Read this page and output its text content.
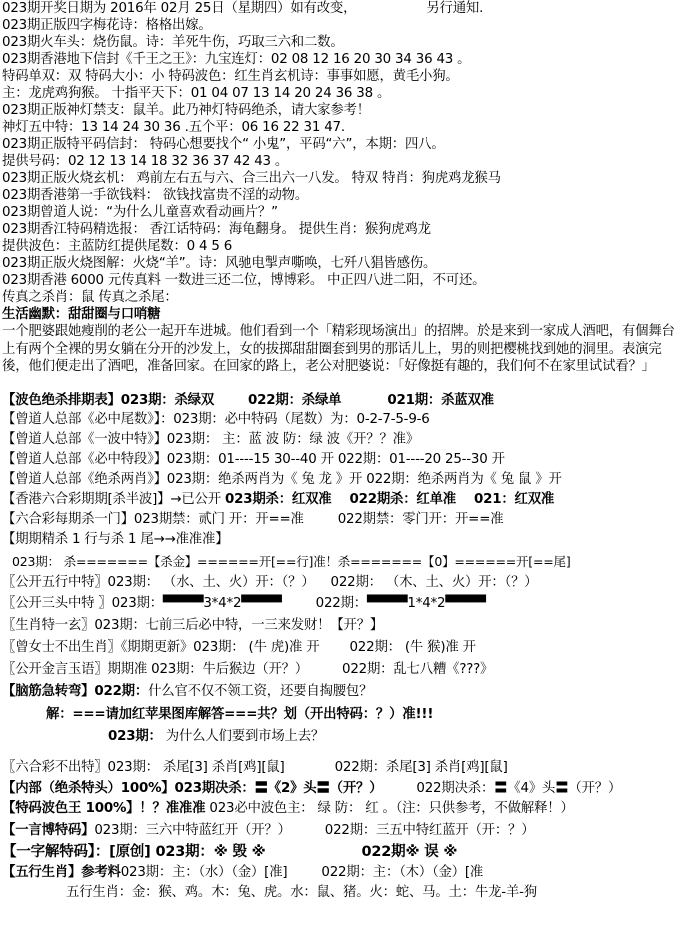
023期开奖日期为 2016年 02月 25日（星期四）如有改变，	另行通知.
023期正版四字梅花诗：格格出嫁。
023期火车头：烧伤鼠。诗：羊死牛伤，巧取三六和二数。
023期香港地下信封《千王之王》：九宝连灯：02 08 12 16 20 30 34 36 43 。
特码单双：双 特码大小：小 特码波色：红生肖玄机诗：事事如愿，黄毛小狗。
主：龙虎鸡狗猴。 十指平天下：01 04 07 13 14 20 24 36 38 。
023期正版神灯禁支：鼠羊。此乃神灯特码绝杀，请大家参考！
神灯五中特：13 14 24 30 36 .五个平：06 16 22 31 47.
023期正版特平码信封： 特码心想要找个“ 小鬼”，平码“六”，本期：四八。
提供号码：02 12 13 14 18 32 36 37 42 43 。
023期正版火烧玄机： 鸡前左右五与六、合三出六一八发。 特双 特肖：狗虎鸡龙猴马
023期香港第一手欲钱料： 欲钱找富贵不淫的动物。
023期曾道人说：“为什么儿童喜欢看动画片？”
023期香江特码精选报： 香江话特码：海龟翻身。 提供生肖：猴狗虎鸡龙
提供波色：主蓝防红提供尾数：0 4 5 6
023期正版火烧图解：火烧“羊”。诗：风驰电掣声嘶唤，七歼八猖皆感伤。
023期香港 6000 元传真料 一数进三还二位，博博彩。 中正四八进二阳，不可还。
传真之杀肖：鼠 传真之杀尾：
生活幽默：甜甜圈与口哨糖
一个肥婆跟她瘦削的老公一起开车进城。他们看到一个「精彩现场演出」的招牌。於是来到一家成人酒吧，有個舞台上有两个全裸的男女躺在分开的沙发上，女的拔掷甜甜圈套到男的那话儿上，男的则把樱桃找到她的洞里。表演完後，他们便走出了酒吧，准备回家。在回家的路上，老公对肥婆说：「好像挺有趣的，我们何不在家里试试看？」
【波色绝杀排期表】023期：杀绿双	022期：杀绿单	021期：杀蓝双准
【曾道人总部《必中尾数》】：023期：必中特码（尾数）为：0-2-7-5-9-6
【曾道人总部《一波中特》】023期： 主：蓝 波 防：绿 波《开？？准》
【曾道人总部《必中特段》】023期：01----15 30--40 开 022期：01----20 25--30 开
【曾道人总部《绝杀两肖》】023期：绝杀两肖为《 兔 龙 》开 022期：绝杀两肖为《 兔 鼠 》开
【香港六合彩期期[杀半波]】→已公开 023期杀：红双准 022期杀：红单准 021：红双准
【六合彩每期杀一门】023期禁：贰门 开：开==准	022期禁：零门开：开==准
【期期精杀 1 行与杀 1 尾→→准准准】
023期： 杀=======【杀金】======开[==行]准！杀=======【0】======开[==尾]
〖公开五行中特〗023期： （水、土、火）开：（？） 022期： （木、土、火）开：（？）
〖公开三头中特 〗023期：▀▀▀▀3*4*2▀▀▀▀	022期：▀▀▀▀1*4*2▀▀▀▀
〖生肖特一玄〗023期：七前三后必中特，一三来发财！【开？】
〖曾女士不出生肖〗《期期更新》023期： (牛 虎)准 开 022期： (牛 猴)准 开
〖公开金言玉语〗期期准 023期：牛后猴边（开？）	022期：乱七八糟《???》
【脑筋急转弯】022期：什么官不仅不领工资，还要自掏腰包？
解：===请加红苹果图库解答===共？划（开出特码：？）准!!!
023期： 为什么人们要到市场上去？
〖六合彩不出特〗023期： 杀尾[3] 杀肖[鸡][鼠]	022期：杀尾[3] 杀肖[鸡][鼠]
【内部（绝杀特头）100%】023期决杀：〓《2》头〓（开？）	022期决杀：〓《4》头〓（开？）
【特码波色王 100%】！？准准准 023必中波色主： 绿 防： 红 。（注：只供参考，不做解释！）
【一言博特码】023期：三六中特蓝红开（开？）	022期：三五中特红蓝开（开：？）
【一字解特码】：[原创] 023期：※ 毁 ※	022期※ 误 ※
【五行生肖】参考料023期：主：（水）（金）[准]	022期：主：（木）（金）[准
五行生肖：金：猴、鸡。木：兔、虎。水：鼠、猪。火：蛇、马。土：牛龙-羊-狗
